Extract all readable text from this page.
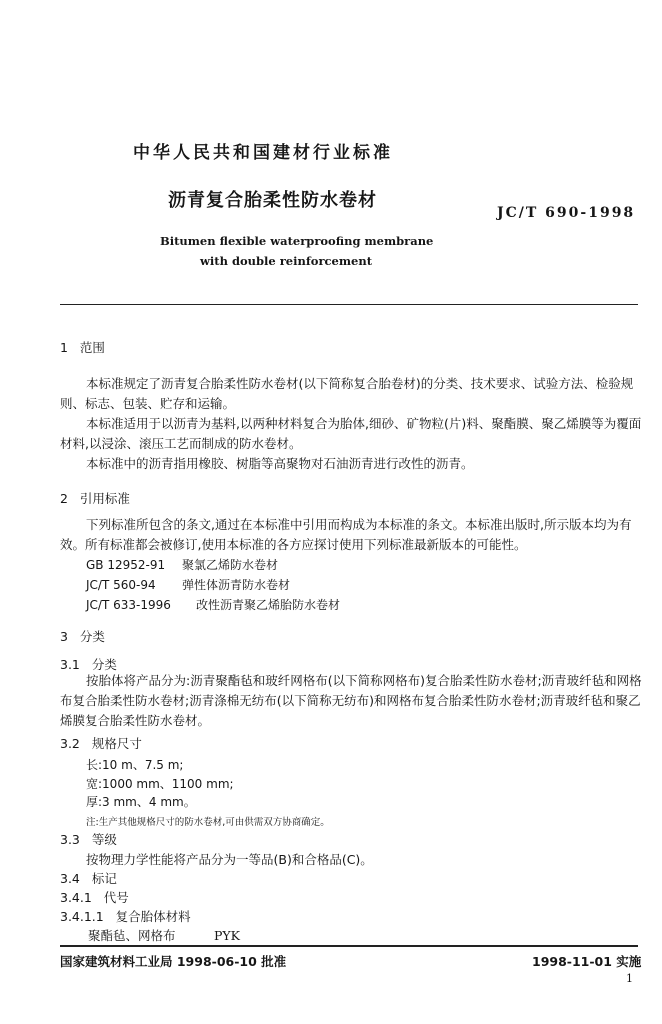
中华人民共和国建材行业标准
沥青复合胎柔性防水卷材
JC/T 690-1998
Bitumen flexible waterproofing membrane
with double reinforcement
1 范围
本标准规定了沥青复合胎柔性防水卷材(以下简称复合胎卷材)的分类、技术要求、试验方法、检验规则、标志、包装、贮存和运输。
本标准适用于以沥青为基料,以两种材料复合为胎体,细砂、矿物粒(片)料、聚酯膜、聚乙烯膜等为覆面材料,以浸涂、滚压工艺而制成的防水卷材。
本标准中的沥青指用橡胶、树脂等高聚物对石油沥青进行改性的沥青。
2 引用标准
下列标准所包含的条文,通过在本标准中引用而构成为本标准的条文。本标准出版时,所示版本均为有效。所有标准都会被修订,使用本标准的各方应探讨使用下列标准最新版本的可能性。
GB 12952-91 聚氯乙烯防水卷材
JC/T 560-94 弹性体沥青防水卷材
JC/T 633-1996 改性沥青聚乙烯胎防水卷材
3 分类
3.1 分类
按胎体将产品分为:沥青聚酯毡和玻纤网格布(以下简称网格布)复合胎柔性防水卷材;沥青玻纤毡和网格布复合胎柔性防水卷材;沥青涤棉无纺布(以下简称无纺布)和网格布复合胎柔性防水卷材;沥青玻纤毡和聚乙烯膜复合胎柔性防水卷材。
3.2 规格尺寸
长:10 m、7.5 m;
宽:1000 mm、1100 mm;
厚:3 mm、4 mm。
注:生产其他规格尺寸的防水卷材,可由供需双方协商确定。
3.3 等级
按物理力学性能将产品分为一等品(B)和合格品(C)。
3.4 标记
3.4.1 代号
3.4.1.1 复合胎体材料
聚酯毡、网格布	PYK
国家建筑材料工业局 1998-06-10 批准	1998-11-01 实施
1
